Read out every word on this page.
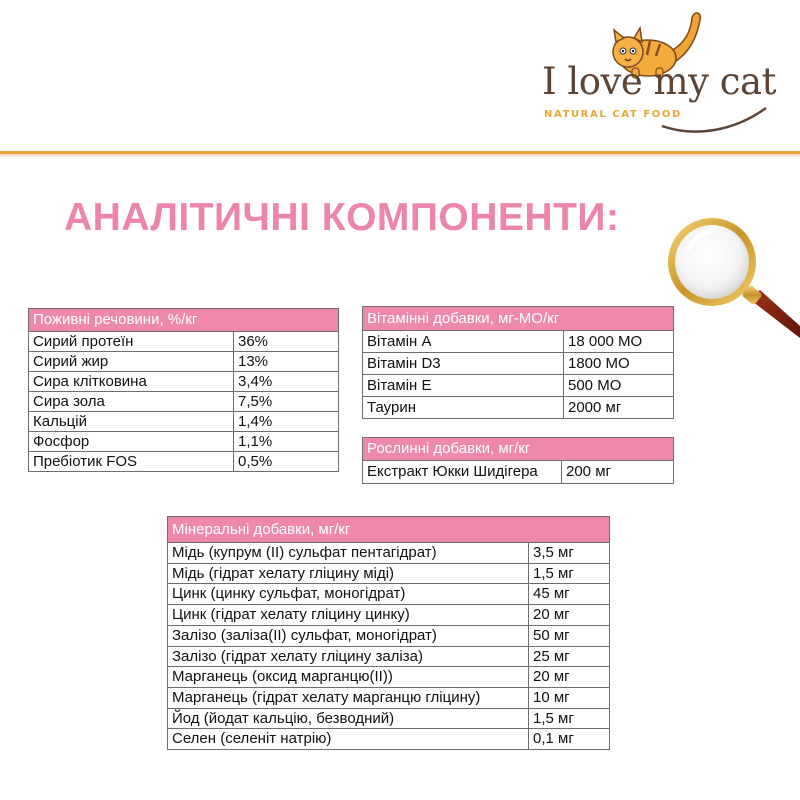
I love my cat
NATURAL CAT FOOD
АНАЛІТИЧНІ КОМПОНЕНТИ:
Поживні речовини, %/кг	
Сирий протеїн	36%
Сирий жир	13%
Сира клітковина	3,4%
Сира зола	7,5%
Кальцій	1,4%
Фосфор	1,1%
Пребіотик FOS	0,5%
Вітамінні добавки, мг-МО/кг	
Вітамін А	18 000 МО
Вітамін D3	1800 МО
Вітамін Е	500 МО
Таурин	2000 мг
Рослинні добавки, мг/кг
Екстракт Юкки Шидігера	200 мг
Мінеральні добавки, мг/кг	
Мідь (купрум (II) сульфат пентагідрат)	3,5 мг
Мідь (гідрат хелату гліцину міді)	1,5 мг
Цинк (цинку сульфат, моногідрат)	45 мг
Цинк (гідрат хелату гліцину цинку)	20 мг
Залізо (заліза(II) сульфат, моногідрат)	50 мг
Залізо (гідрат хелату гліцину заліза)	25 мг
Марганець (оксид марганцю(II))	20 мг
Марганець (гідрат хелату марганцю гліцину)	10 мг
Йод (йодат кальцію, безводний)	1,5 мг
Селен (селеніт натрію)	0,1 мг
